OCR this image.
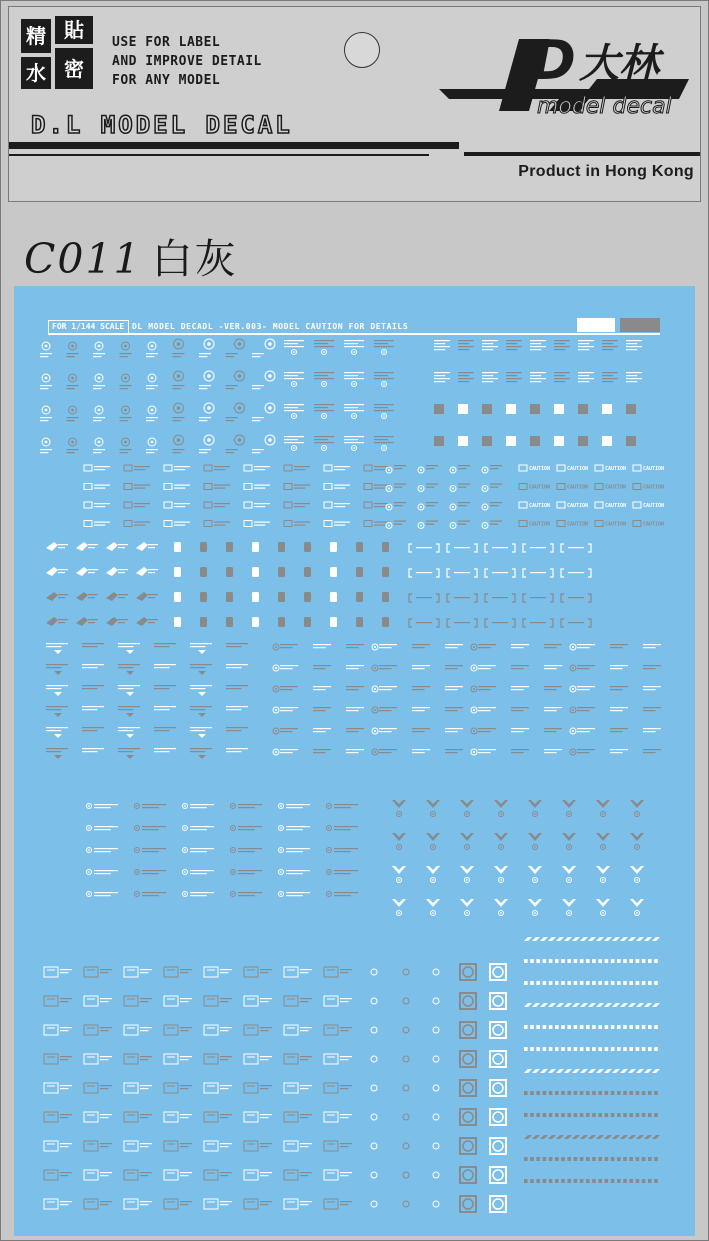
精 貼
水 密
USE FOR LABEL
AND IMPROVE DETAIL
FOR ANY MODEL
D.L MODEL DECAL
D 大林
model decal
Product in Hong Kong
C011 白灰
FOR 1/144 SCALE DL MODEL DECADL -VER.003- MODEL CAUTION FOR DETAILS
CAUTION	CAUTION	CAUTION	CAUTION
CAUTION	CAUTION	CAUTION	CAUTION
CAUTION	CAUTION	CAUTION	CAUTION
CAUTION	CAUTION	CAUTION	CAUTION
